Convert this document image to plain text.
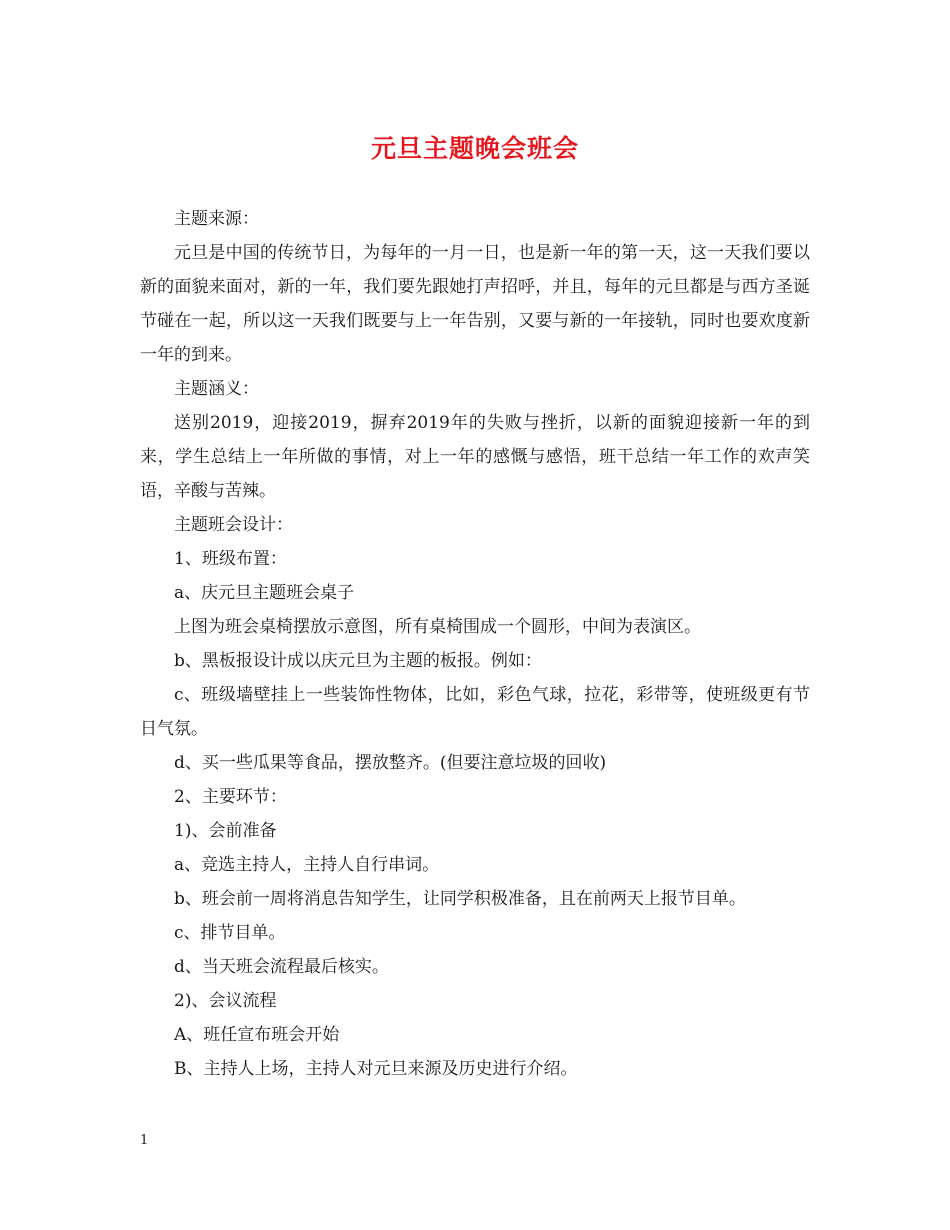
元旦主题晚会班会

主题来源：

元旦是中国的传统节日，为每年的一月一日，也是新一年的第一天，这一天我们要以新的面貌来面对，新的一年，我们要先跟她打声招呼，并且，每年的元旦都是与西方圣诞节碰在一起，所以这一天我们既要与上一年告别，又要与新的一年接轨，同时也要欢度新一年的到来。

主题涵义：

送别2019，迎接2019，摒弃2019年的失败与挫折，以新的面貌迎接新一年的到来，学生总结上一年所做的事情，对上一年的感慨与感悟，班干总结一年工作的欢声笑语，辛酸与苦辣。

主题班会设计：

1、班级布置：

a、庆元旦主题班会桌子

上图为班会桌椅摆放示意图，所有桌椅围成一个圆形，中间为表演区。

b、黑板报设计成以庆元旦为主题的板报。例如：

c、班级墙壁挂上一些装饰性物体，比如，彩色气球，拉花，彩带等，使班级更有节日气氛。

d、买一些瓜果等食品，摆放整齐。(但要注意垃圾的回收)

2、主要环节：

1)、会前准备

a、竞选主持人，主持人自行串词。

b、班会前一周将消息告知学生，让同学积极准备，且在前两天上报节目单。

c、排节目单。

d、当天班会流程最后核实。

2)、会议流程

A、班任宣布班会开始

B、主持人上场，主持人对元旦来源及历史进行介绍。

1
